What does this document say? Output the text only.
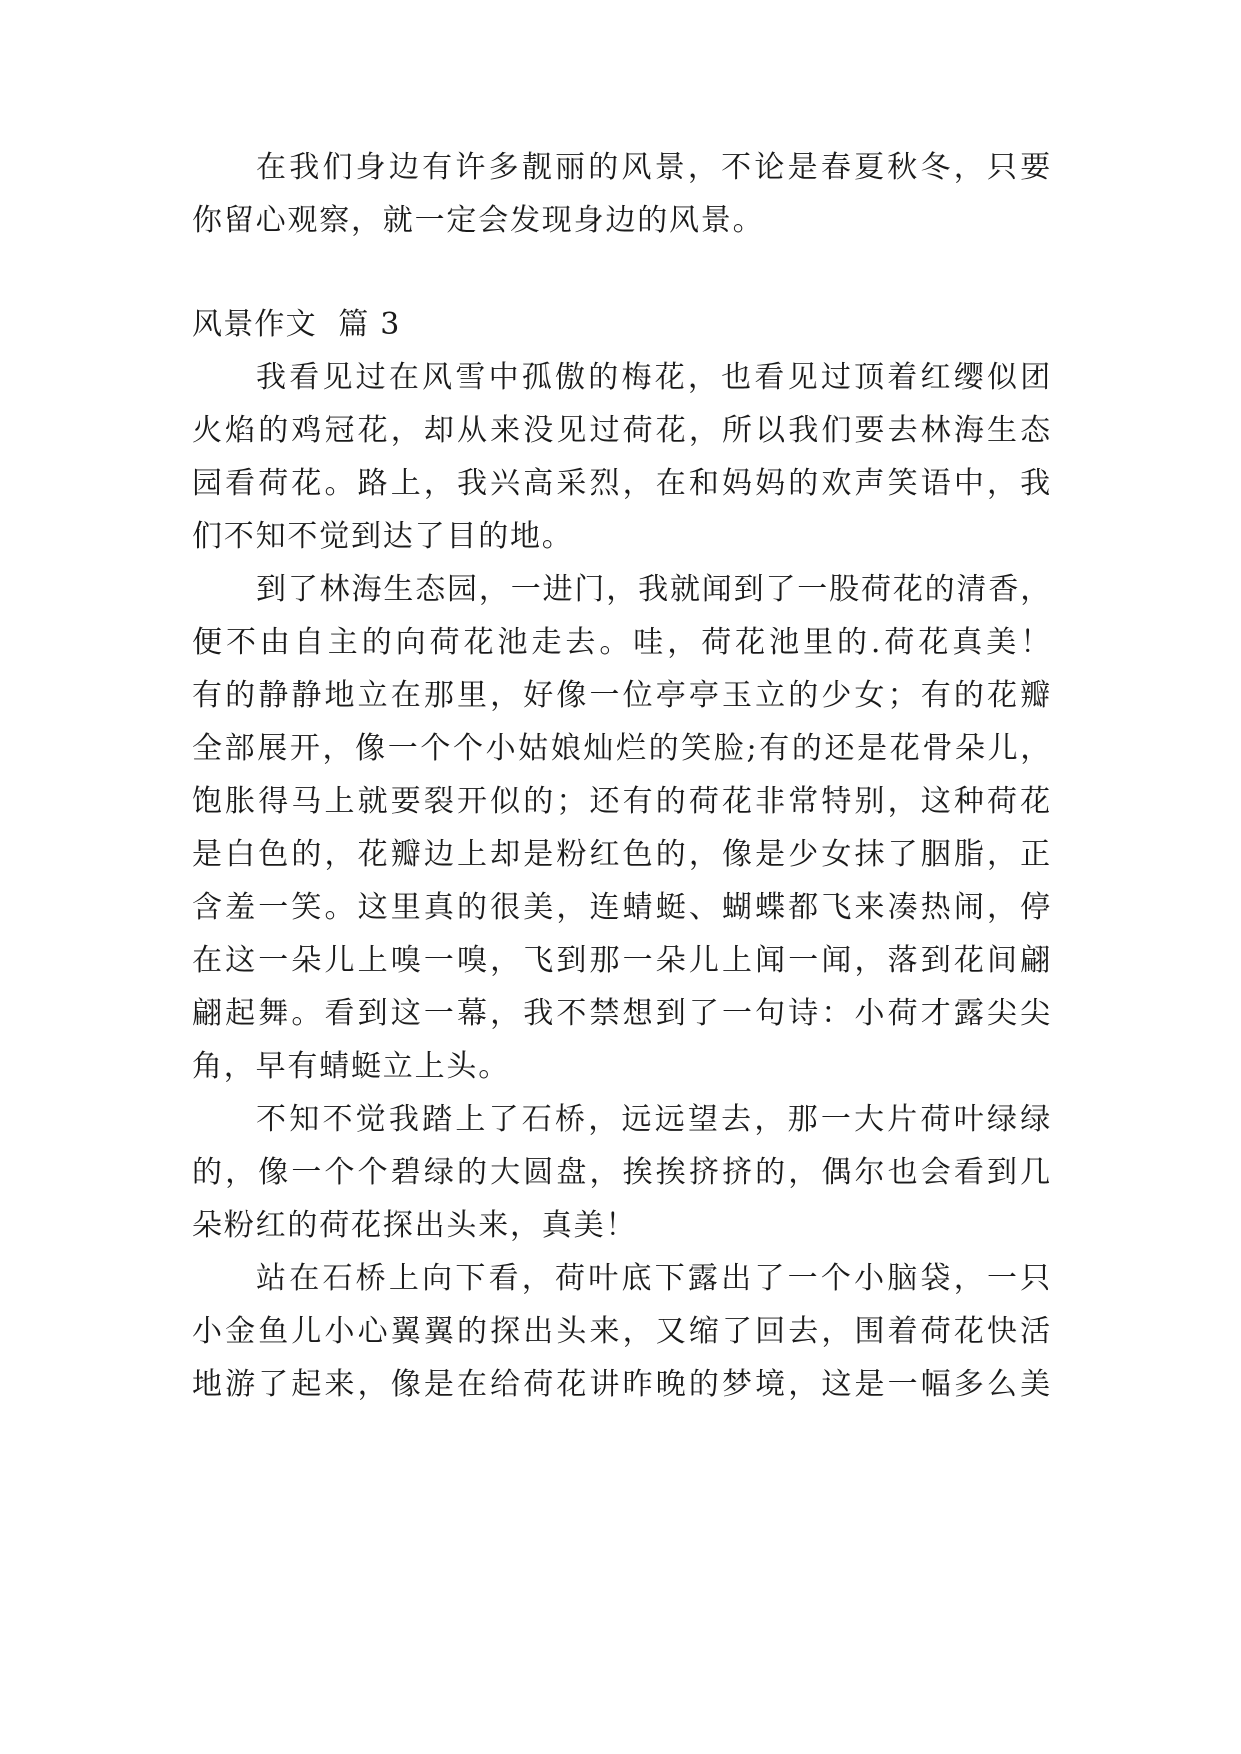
在我们身边有许多靓丽的风景，不论是春夏秋冬，只要
你留心观察，就一定会发现身边的风景。
风景作文  篇 3
我看见过在风雪中孤傲的梅花，也看见过顶着红缨似团
火焰的鸡冠花，却从来没见过荷花，所以我们要去林海生态
园看荷花。路上，我兴高采烈，在和妈妈的欢声笑语中，我
们不知不觉到达了目的地。
到了林海生态园，一进门，我就闻到了一股荷花的清香，
便不由自主的向荷花池走去。哇，荷花池里的.荷花真美！
有的静静地立在那里，好像一位亭亭玉立的少女；有的花瓣
全部展开，像一个个小姑娘灿烂的笑脸;有的还是花骨朵儿，
饱胀得马上就要裂开似的；还有的荷花非常特别，这种荷花
是白色的，花瓣边上却是粉红色的，像是少女抹了胭脂，正
含羞一笑。这里真的很美，连蜻蜓、蝴蝶都飞来凑热闹，停
在这一朵儿上嗅一嗅，飞到那一朵儿上闻一闻，落到花间翩
翩起舞。看到这一幕，我不禁想到了一句诗：小荷才露尖尖
角，早有蜻蜓立上头。
不知不觉我踏上了石桥，远远望去，那一大片荷叶绿绿
的，像一个个碧绿的大圆盘，挨挨挤挤的，偶尔也会看到几
朵粉红的荷花探出头来，真美！
站在石桥上向下看，荷叶底下露出了一个小脑袋，一只
小金鱼儿小心翼翼的探出头来，又缩了回去，围着荷花快活
地游了起来，像是在给荷花讲昨晚的梦境，这是一幅多么美
